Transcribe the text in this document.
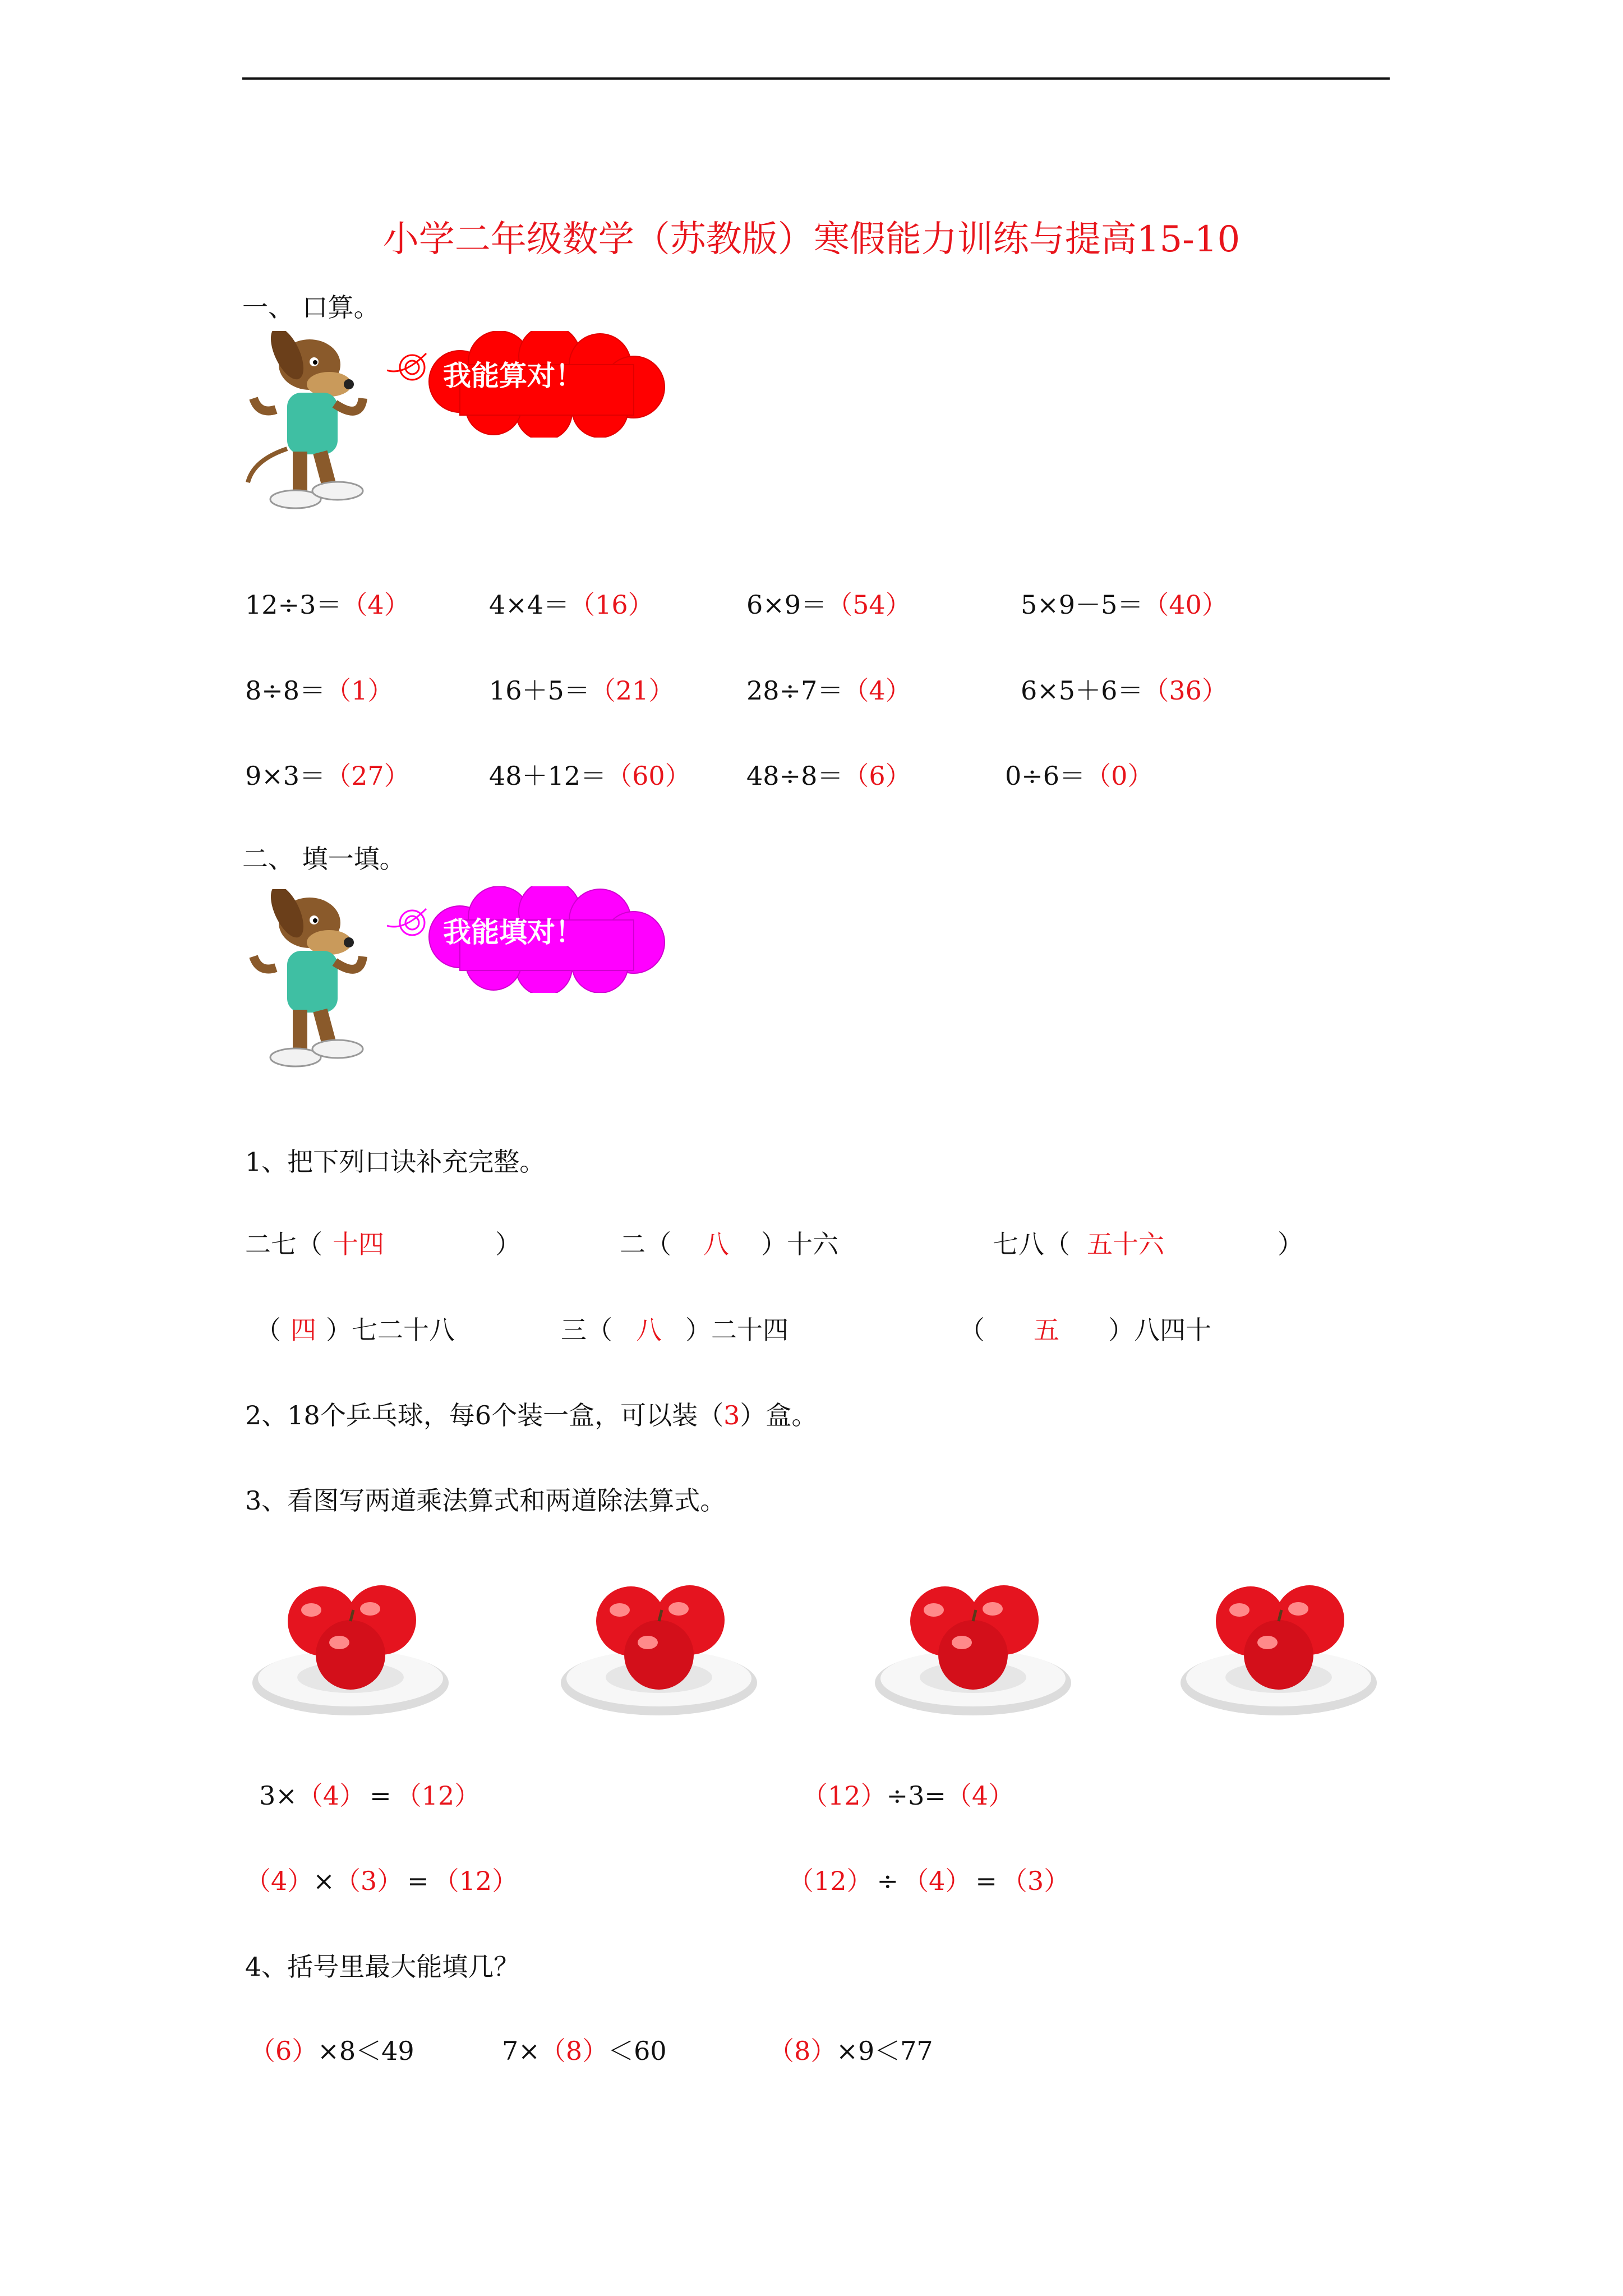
小学二年级数学（苏教版）寒假能力训练与提高15-10
一、 口算。
我能算对！
12÷3＝（4）	4×4＝（16）	6×9＝（54）	5×9－5＝（40）
8÷8＝（1）	16＋5＝（21）	28÷7＝（4）	6×5＋6＝（36）
9×3＝（27）	48＋12＝（60） 48÷8＝（6）	0÷6＝（0）
二、 填一填。
我能填对！
1、把下列口诀补充完整。
二七（ 十四	）	二（ 八 ）十六	七八（ 五十六	）
（ 四 ）七二十八	三（ 八 ）二十四	（ 五 ）八四十
2、18个乒乓球，每6个装一盒，可以装（3）盒。
3、看图写两道乘法算式和两道除法算式。
3×（4） = （12）	（12）÷3=（4）
（4）×（3） = （12）	（12） ÷ （4） = （3）
4、括号里最大能填几？
（6）×8＜49	7×（8）＜60	（8）×9＜77
